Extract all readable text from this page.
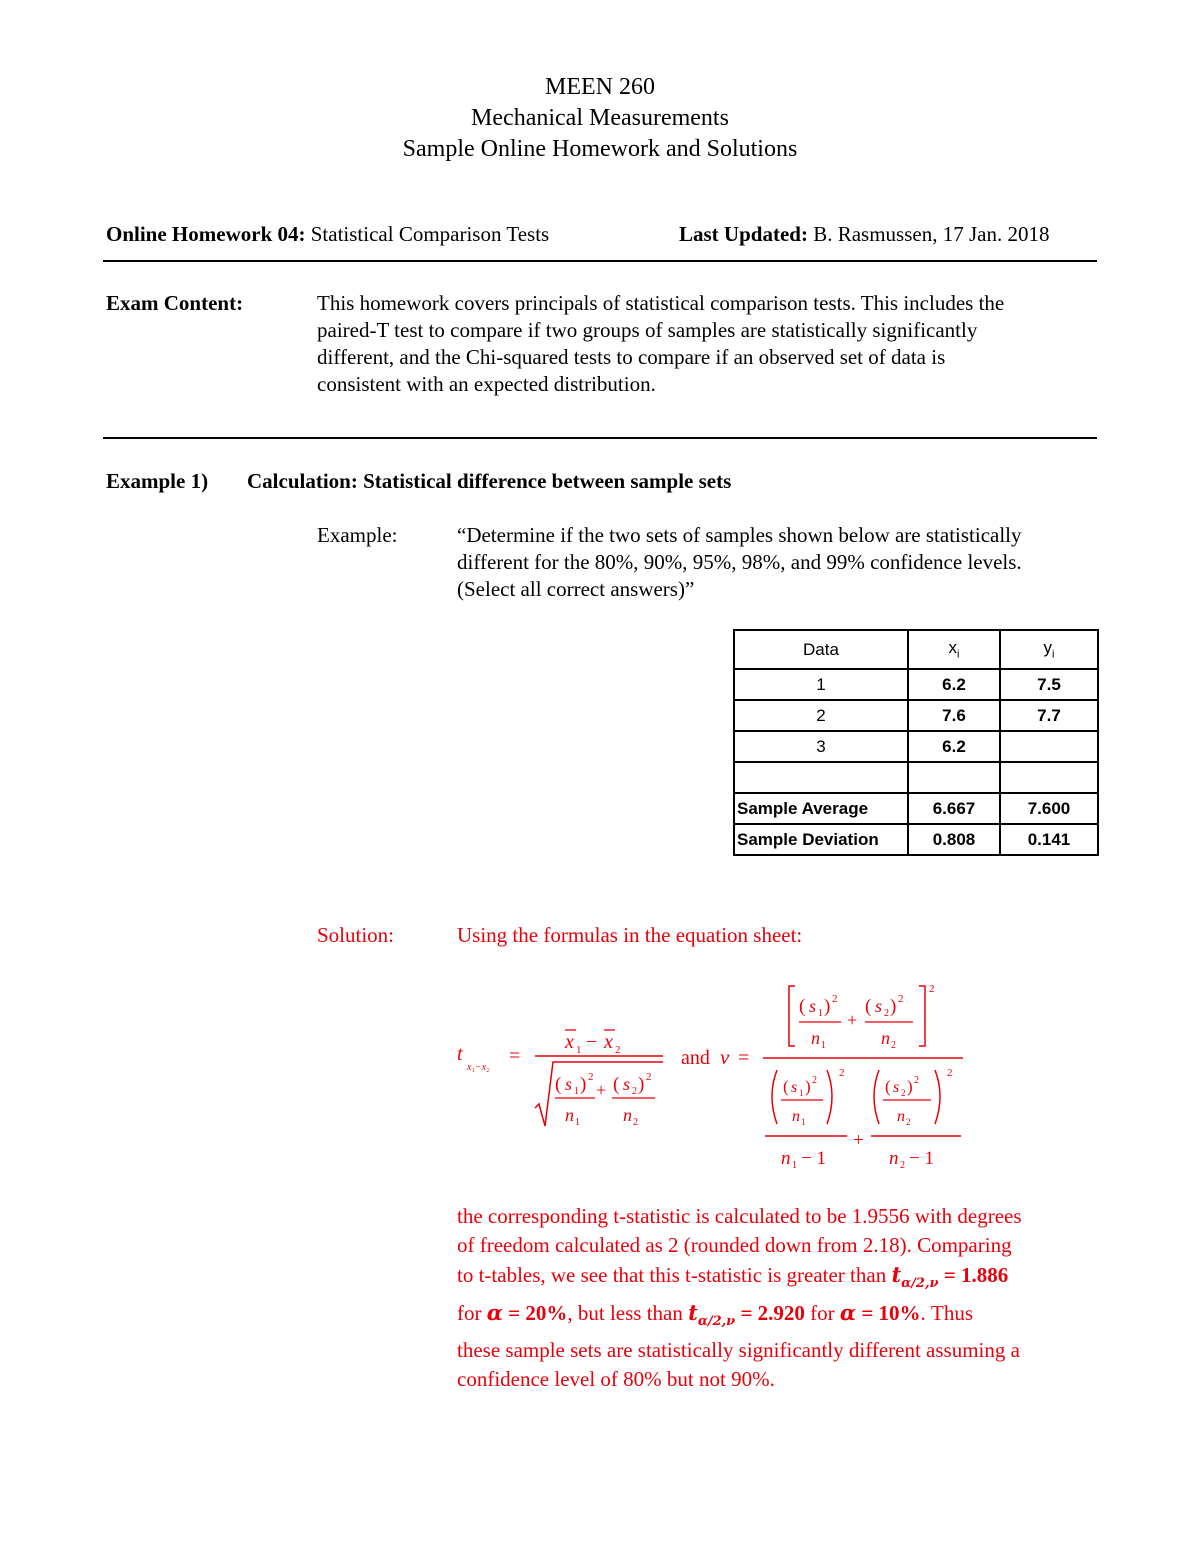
MEEN 260
Mechanical Measurements
Sample Online Homework and Solutions
Online Homework 04: Statistical Comparison Tests	Last Updated: B. Rasmussen, 17 Jan. 2018
Exam Content:	This homework covers principals of statistical comparison tests. This includes the
paired-T test to compare if two groups of samples are statistically significantly
different, and the Chi-squared tests to compare if an observed set of data is
consistent with an expected distribution.
Example 1) Calculation: Statistical difference between sample sets
Example:	“Determine if the two sets of samples shown below are statistically
different for the 80%, 90%, 95%, 98%, and 99% confidence levels.
(Select all correct answers)”
Data	$x_i$	$y_i$
1	6.2	7.5
2	7.6	7.7
3	6.2	

Sample Average	6.667	7.600
Sample Deviation	0.808	0.141
Solution:	Using the formulas in the equation sheet:
t
x₁−x₂
=
x 1 − x 2
( s 1 ) 2
+ ( s 2 ) 2
n 1 n 2
and ν =
2
( s 1 ) 2
+
( s 2 ) 2
n 1	n 2
2
( s 1 ) 2
n 1
2
( s 2 ) 2
n 2
+
n 1 − 1	n 2 − 1
the corresponding t-statistic is calculated to be 1.9556 with degrees
of freedom calculated as 2 (rounded down from 2.18). Comparing
to t-tables, we see that this t-statistic is greater than $t_{\alpha/2,\nu} = 1.886$
for α = 20%, but less than $t_{\alpha/2,\nu} = 2.920$ for α = 10%. Thus
these sample sets are statistically significantly different assuming a
confidence level of 80% but not 90%.
